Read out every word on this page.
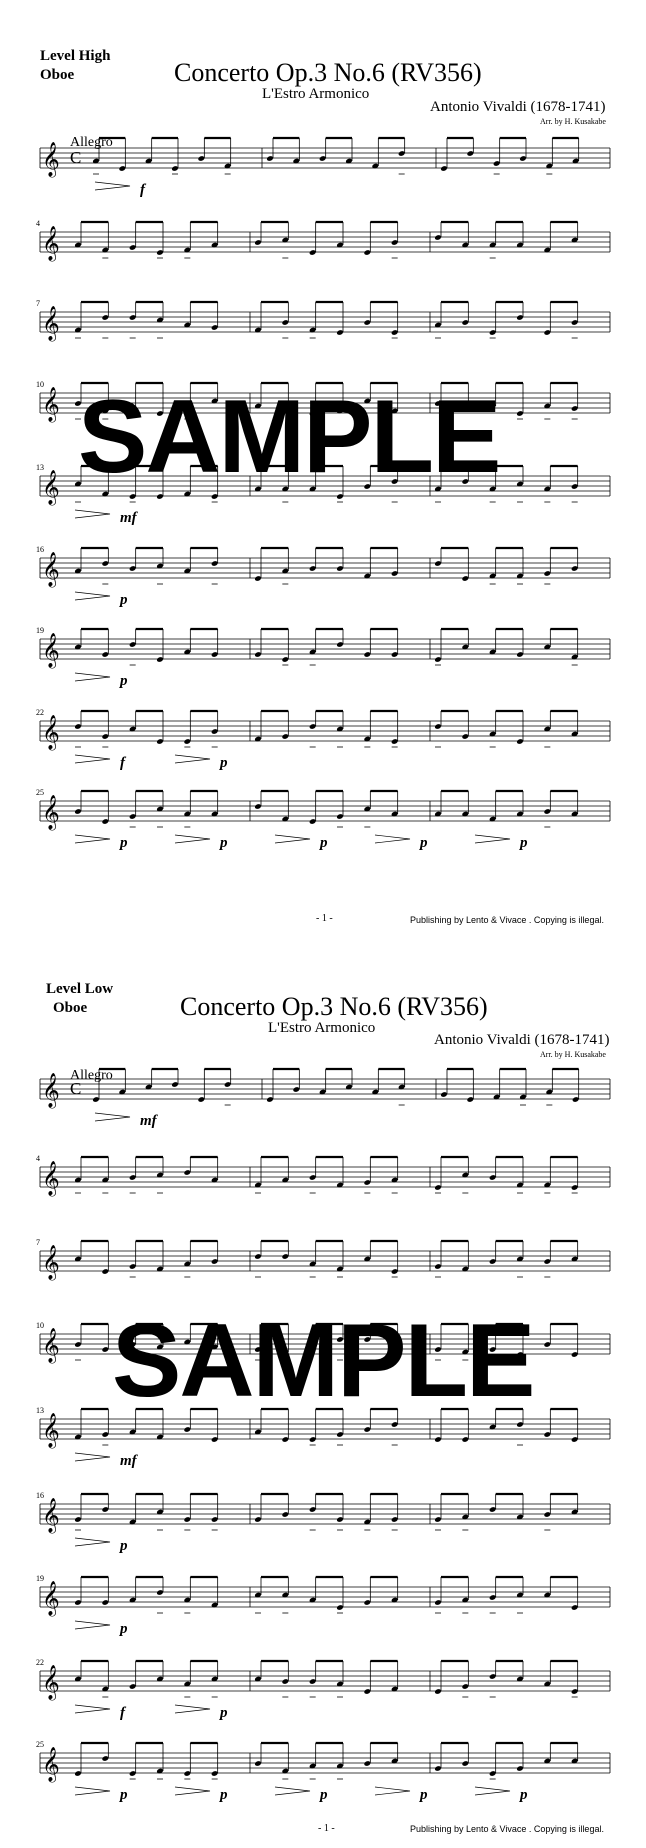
Level High
Oboe	Concerto Op.3 No.6 (RV356)
L'Estro Armonico
Antonio Vivaldi (1678-1741)
Arr. by H. Kusakabe
Allegro
𝄞 C
f
𝄞
4
𝄞
7
𝄞
10
𝄞
13
mf
𝄞
16
p
𝄞
19
p
𝄞
22
f	p
𝄞
25
p	p	p	p	p
SAMPLE
- 1 -	Publishing by Lento & Vivace . Copying is illegal.
Level Low
Oboe	Concerto Op.3 No.6 (RV356)
L'Estro Armonico
Antonio Vivaldi (1678-1741)
Arr. by H. Kusakabe
Allegro
𝄞 C
mf
𝄞
4
𝄞
7
𝄞
10
𝄞
13
mf
𝄞
16
p
𝄞
19
p
𝄞
22
f	p
𝄞
25
p	p	p	p	p
SAMPLE
- 1 -	Publishing by Lento & Vivace . Copying is illegal.
